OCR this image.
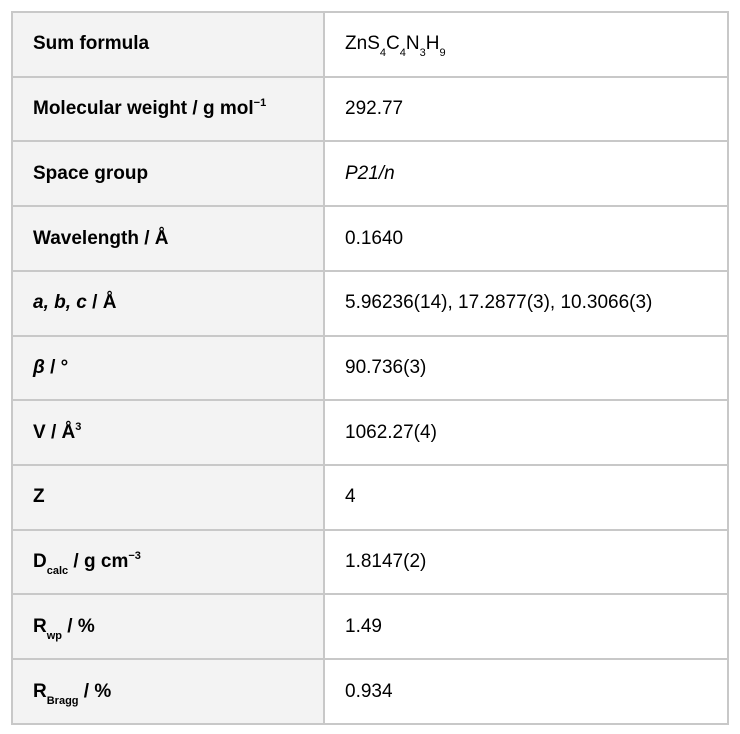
Sum formula	$ZnS_4C_4N_3H_9$
Molecular weight / g mol$^{-1}$	292.77
Space group	P21/n
Wavelength / Å	0.1640
a, b, c / Å	5.96236(14), 17.2877(3), 10.3066(3)
β / °	90.736(3)
V / $Å^3$	1062.27(4)
Z	4
$D_{calc}$ / g $cm^{-3}$	1.8147(2)
$R_{wp}$ / %	1.49
$R_{Bragg}$ / %	0.934
